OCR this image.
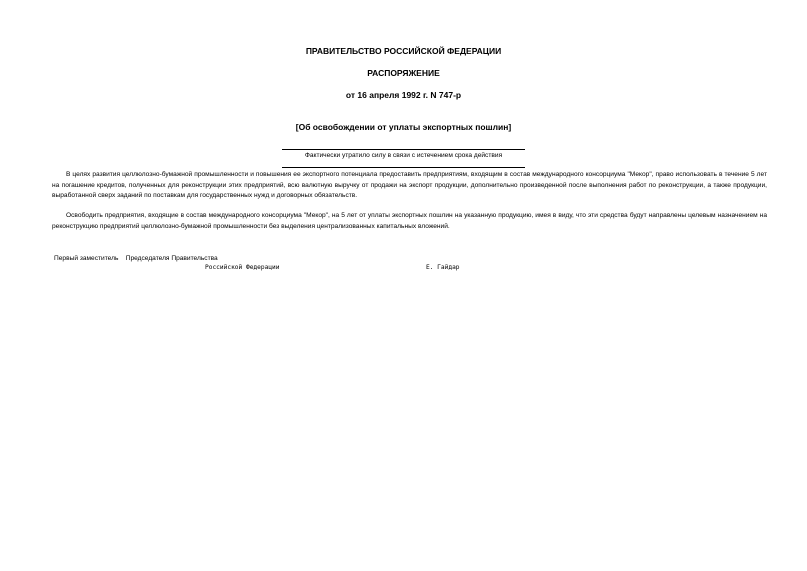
ПРАВИТЕЛЬСТВО РОССИЙСКОЙ ФЕДЕРАЦИИ

РАСПОРЯЖЕНИЕ

от 16 апреля 1992 г. N 747-р

[Об освобождении от уплаты экспортных пошлин]

Фактически утратило силу в связи с истечением срока действия

В целях развития целлюлозно-бумажной промышленности и повышения ее экспортного потенциала предоставить предприятиям, входящим в состав международного консорциума "Мекор", право использовать в течение 5 лет на погашение кредитов, полученных для реконструкции этих предприятий, всю валютную выручку от продажи на экспорт продукции, дополнительно произведенной после выполнения работ по реконструкции, а также продукции, выработанной сверх заданий по поставкам для государственных нужд и договорных обязательств.

Освободить предприятия, входящие в состав международного консорциума "Мекор", на 5 лет от уплаты экспортных пошлин на указанную продукцию, имея в виду, что эти средства будут направлены целевым назначением на реконструкцию предприятий целлюлозно-бумажной промышленности без выделения централизованных капитальных вложений.

Первый заместитель    Председателя Правительства

Российской Федерации	Е. Гайдар
